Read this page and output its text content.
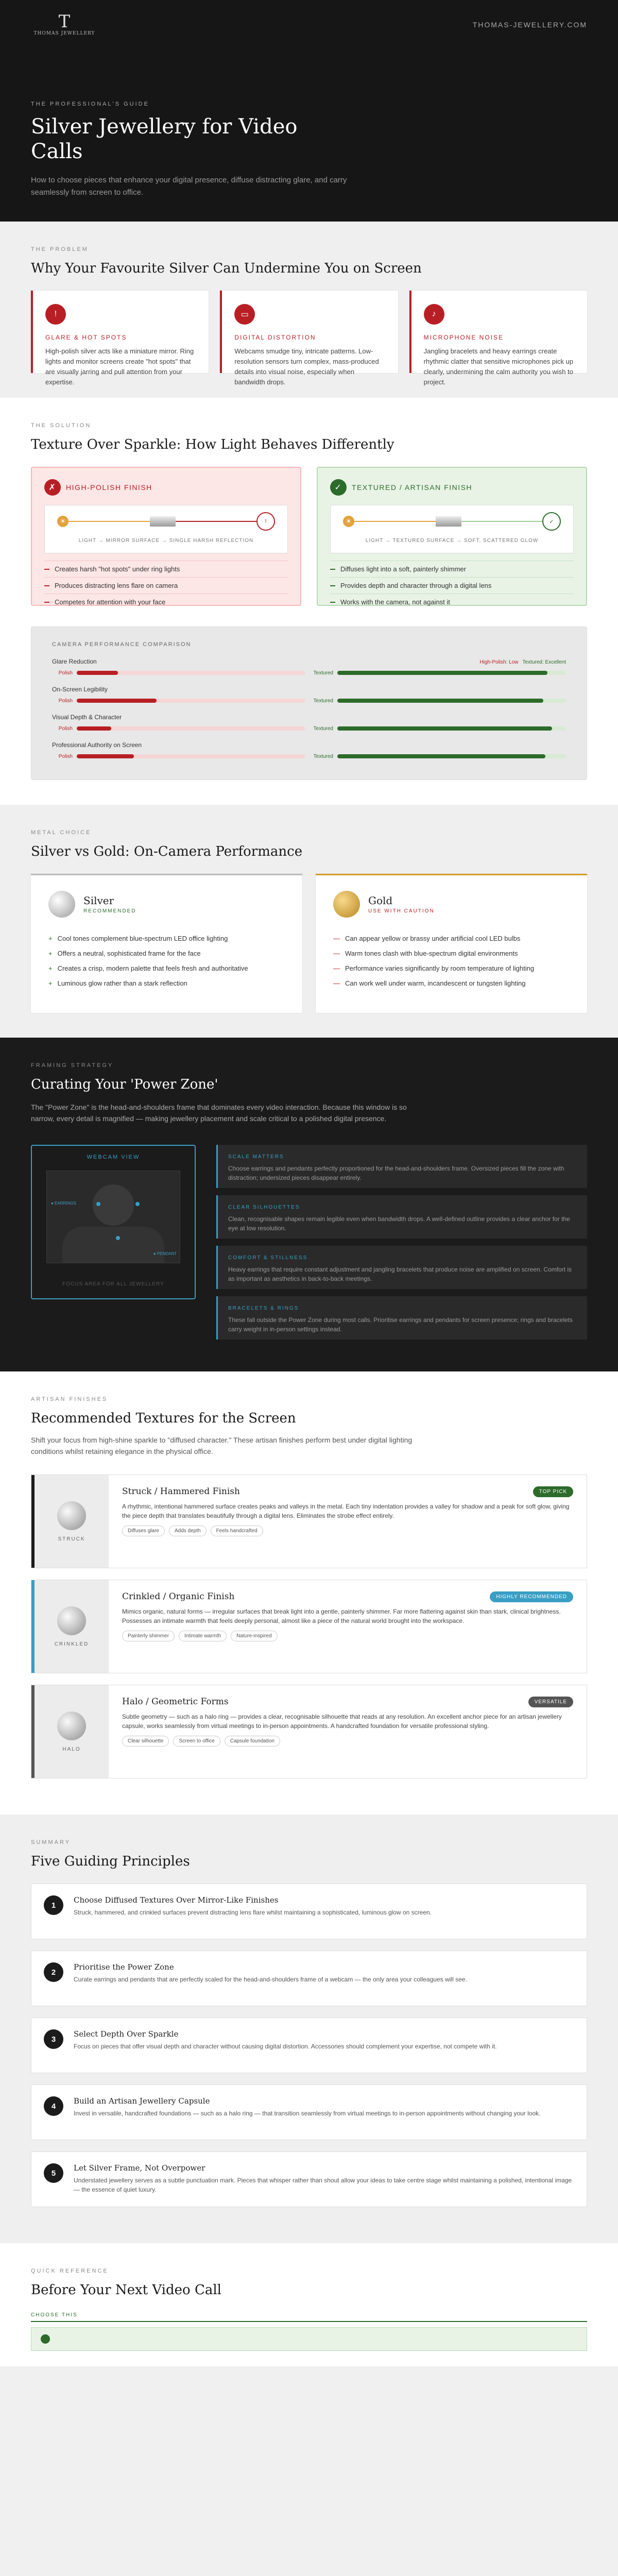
T
THOMAS JEWELLERY
THOMAS-JEWELLERY.COM
THE PROFESSIONAL'S GUIDE
Silver Jewellery for Video Calls

How to choose pieces that enhance your digital presence, diffuse distracting glare, and carry seamlessly from screen to office.

THE PROBLEM
Why Your Favourite Silver Can Undermine You on Screen
!
GLARE & HOT SPOTS

High-polish silver acts like a miniature mirror. Ring lights and monitor screens create "hot spots" that are visually jarring and pull attention from your expertise.

▭
DIGITAL DISTORTION

Webcams smudge tiny, intricate patterns. Low-resolution sensors turn complex, mass-produced details into visual noise, especially when bandwidth drops.

♪
MICROPHONE NOISE

Jangling bracelets and heavy earrings create rhythmic clatter that sensitive microphones pick up clearly, undermining the calm authority you wish to project.

THE SOLUTION
Texture Over Sparkle: How Light Behaves Differently
✗	HIGH-POLISH FINISH
☀	!
LIGHT → MIRROR SURFACE → SINGLE HARSH REFLECTION
Creates harsh "hot spots" under ring lights
Produces distracting lens flare on camera
Competes for attention with your face
✓	TEXTURED / ARTISAN FINISH
☀	✓
LIGHT → TEXTURED SURFACE → SOFT, SCATTERED GLOW
Diffuses light into a soft, painterly shimmer
Provides depth and character through a digital lens
Works with the camera, not against it
CAMERA PERFORMANCE COMPARISON
Glare Reduction	High-Polish: Low Textured: Excellent
Polish	Textured
On-Screen Legibility
Polish	Textured
Visual Depth & Character
Polish	Textured
Professional Authority on Screen
Polish	Textured
METAL CHOICE
Silver vs Gold: On-Camera Performance
Silver
RECOMMENDED
+ Cool tones complement blue-spectrum LED office lighting
+ Offers a neutral, sophisticated frame for the face
+ Creates a crisp, modern palette that feels fresh and authoritative
+ Luminous glow rather than a stark reflection
Gold
USE WITH CAUTION
— Can appear yellow or brassy under artificial cool LED bulbs
— Warm tones clash with blue-spectrum digital environments
— Performance varies significantly by room temperature of lighting
— Can work well under warm, incandescent or tungsten lighting
FRAMING STRATEGY
Curating Your 'Power Zone'

The "Power Zone" is the head-and-shoulders frame that dominates every video interaction. Because this window is so narrow, every detail is magnified — making jewellery placement and scale critical to a polished digital presence.

WEBCAM VIEW
● EARRINGS
● PENDANT
FOCUS AREA FOR ALL JEWELLERY
SCALE MATTERS

Choose earrings and pendants perfectly proportioned for the head-and-shoulders frame. Oversized pieces fill the zone with distraction; undersized pieces disappear entirely.

CLEAR SILHOUETTES

Clean, recognisable shapes remain legible even when bandwidth drops. A well-defined outline provides a clear anchor for the eye at low resolution.

COMFORT & STILLNESS

Heavy earrings that require constant adjustment and jangling bracelets that produce noise are amplified on screen. Comfort is as important as aesthetics in back-to-back meetings.

BRACELETS & RINGS

These fall outside the Power Zone during most calls. Prioritise earrings and pendants for screen presence; rings and bracelets carry weight in in-person settings instead.

ARTISAN FINISHES
Recommended Textures for the Screen

Shift your focus from high-shine sparkle to "diffused character." These artisan finishes perform best under digital lighting conditions whilst retaining elegance in the physical office.

STRUCK
Struck / Hammered Finish	TOP PICK

A rhythmic, intentional hammered surface creates peaks and valleys in the metal. Each tiny indentation provides a valley for shadow and a peak for soft glow, giving the piece depth that translates beautifully through a digital lens. Eliminates the strobe effect entirely.

Diffuses glare	Adds depth	Feels handcrafted
CRINKLED
Crinkled / Organic Finish	HIGHLY RECOMMENDED

Mimics organic, natural forms — irregular surfaces that break light into a gentle, painterly shimmer. Far more flattering against skin than stark, clinical brightness. Possesses an intimate warmth that feels deeply personal, almost like a piece of the natural world brought into the workspace.

Painterly shimmer	Intimate warmth	Nature-inspired
HALO
Halo / Geometric Forms	VERSATILE

Subtle geometry — such as a halo ring — provides a clear, recognisable silhouette that reads at any resolution. An excellent anchor piece for an artisan jewellery capsule, works seamlessly from virtual meetings to in-person appointments. A handcrafted foundation for versatile professional styling.

Clear silhouette	Screen to office	Capsule foundation
SUMMARY
Five Guiding Principles
1
Choose Diffused Textures Over Mirror-Like Finishes

Struck, hammered, and crinkled surfaces prevent distracting lens flare whilst maintaining a sophisticated, luminous glow on screen.

2
Prioritise the Power Zone

Curate earrings and pendants that are perfectly scaled for the head-and-shoulders frame of a webcam — the only area your colleagues will see.

3
Select Depth Over Sparkle

Focus on pieces that offer visual depth and character without causing digital distortion. Accessories should complement your expertise, not compete with it.

4
Build an Artisan Jewellery Capsule

Invest in versatile, handcrafted foundations — such as a halo ring — that transition seamlessly from virtual meetings to in-person appointments without changing your look.

5
Let Silver Frame, Not Overpower

Understated jewellery serves as a subtle punctuation mark. Pieces that whisper rather than shout allow your ideas to take centre stage whilst maintaining a polished, intentional image — the essence of quiet luxury.

QUICK REFERENCE
Before Your Next Video Call
CHOOSE THIS
